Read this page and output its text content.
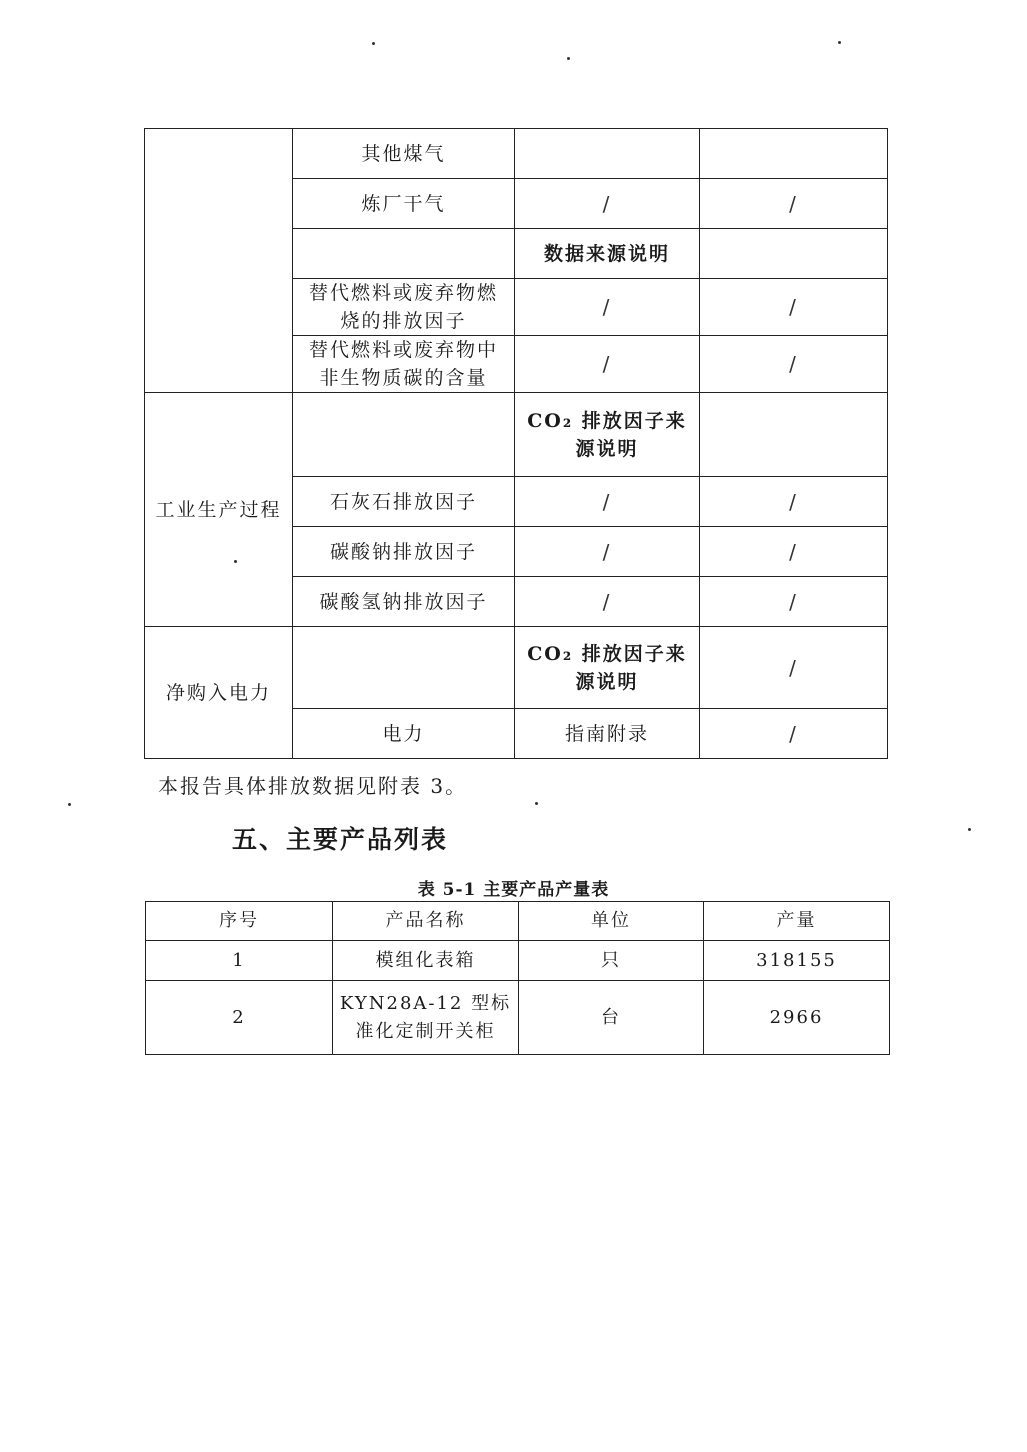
	其他煤气		
	炼厂干气	/	/
		数据来源说明	
	替代燃料或废弃物燃烧的排放因子	/	/
	替代燃料或废弃物中非生物质碳的含量	/	/
工业生产过程		CO₂ 排放因子来源说明	
	石灰石排放因子	/	/
	碳酸钠排放因子	/	/
	碳酸氢钠排放因子	/	/
净购入电力		CO₂ 排放因子来源说明	/
	电力	指南附录	/
本报告具体排放数据见附表 3。
五、主要产品列表
表 5-1 主要产品产量表
序号	产品名称	单位	产量
1	模组化表箱	只	318155
2	KYN28A-12 型标准化定制开关柜	台	2966
